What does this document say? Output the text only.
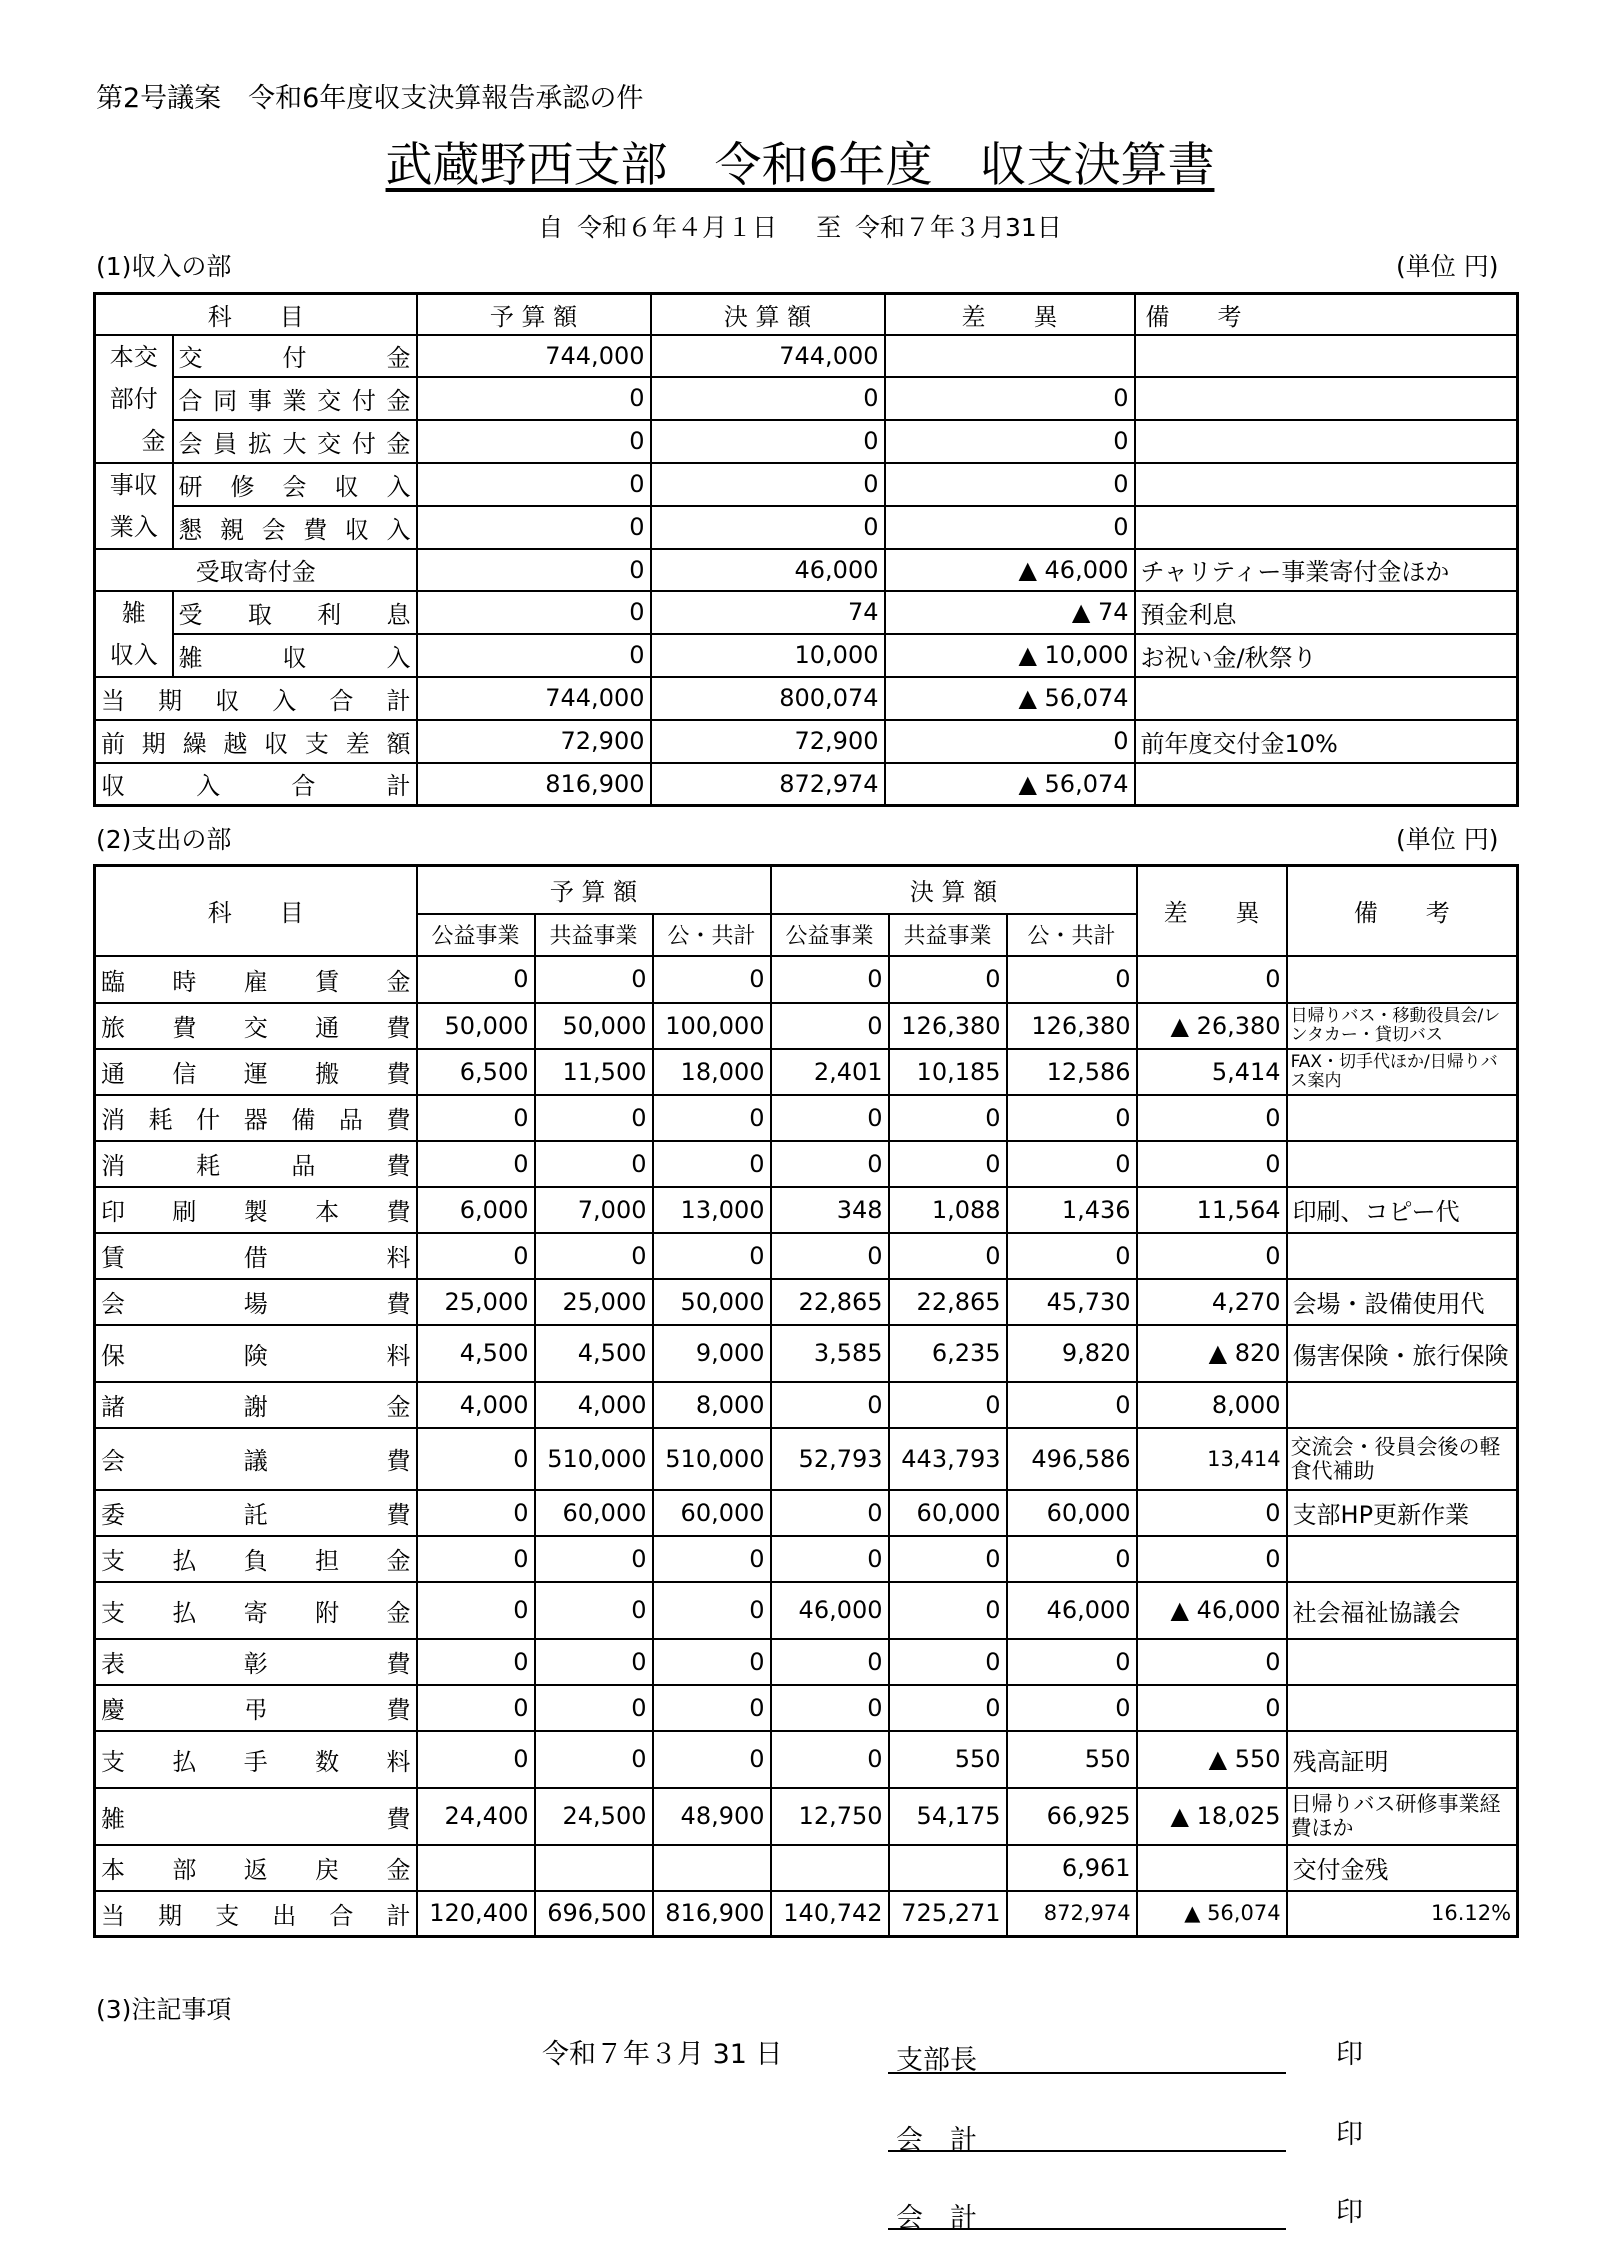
第2号議案　令和6年度収支決算報告承認の件
武蔵野西支部　令和6年度　収支決算書
自 令和６年４月１日　 至 令和７年３月31日
(1)収入の部	(単位 円)
科　　目		予 算 額	決 算 額	差　　異	備　　考

本交
部付
金	交付金	744,000	744,000		
	合同事業交付金	0	0	0	
	会員拡大交付金	0	0	0	

事収
業入	研修会収入	0	0	0	
	懇親会費収入	0	0	0	
受取寄付金		0	46,000	▲ 46,000	チャリティー事業寄付金ほか

雑
収入	受取利息	0	74	▲ 74	預金利息
	雑収入	0	10,000	▲ 10,000	お祝い金/秋祭り
当期収入合計		744,000	800,074	▲ 56,074	
前期繰越収支差額		72,900	72,900	0	前年度交付金10%
収入合計		816,900	872,974	▲ 56,074	
(2)支出の部	(単位 円)
科　　目	予 算 額			決 算 額			差　　異	備　　考
	公益事業	共益事業	公・共計	公益事業	共益事業	公・共計		
臨時雇賃金	0	0	0	0	0	0	0	
旅費交通費	50,000	50,000	100,000	0	126,380	126,380	▲ 26,380	日帰りバス・移動役員会/レンタカー・貸切バス
通信運搬費	6,500	11,500	18,000	2,401	10,185	12,586	5,414	FAX・切手代ほか/日帰りバス案内
消耗什器備品費	0	0	0	0	0	0	0	
消耗品費	0	0	0	0	0	0	0	
印刷製本費	6,000	7,000	13,000	348	1,088	1,436	11,564	印刷、コピー代
賃借料	0	0	0	0	0	0	0	
会場費	25,000	25,000	50,000	22,865	22,865	45,730	4,270	会場・設備使用代
保険料	4,500	4,500	9,000	3,585	6,235	9,820	▲ 820	傷害保険・旅行保険
諸謝金	4,000	4,000	8,000	0	0	0	8,000	
会議費	0	510,000	510,000	52,793	443,793	496,586	13,414	交流会・役員会後の軽食代補助
委託費	0	60,000	60,000	0	60,000	60,000	0	支部HP更新作業
支払負担金	0	0	0	0	0	0	0	
支払寄附金	0	0	0	46,000	0	46,000	▲ 46,000	社会福祉協議会
表彰費	0	0	0	0	0	0	0	
慶弔費	0	0	0	0	0	0	0	
支払手数料	0	0	0	0	550	550	▲ 550	残高証明
雑費	24,400	24,500	48,900	12,750	54,175	66,925	▲ 18,025	日帰りバス研修事業経費ほか
本部返戻金						6,961		交付金残
当期支出合計	120,400	696,500	816,900	140,742	725,271	872,974	▲ 56,074	16.12%
(3)注記事項
令和７年３月 31 日	支部長	印
会　計	印
会　計	印
